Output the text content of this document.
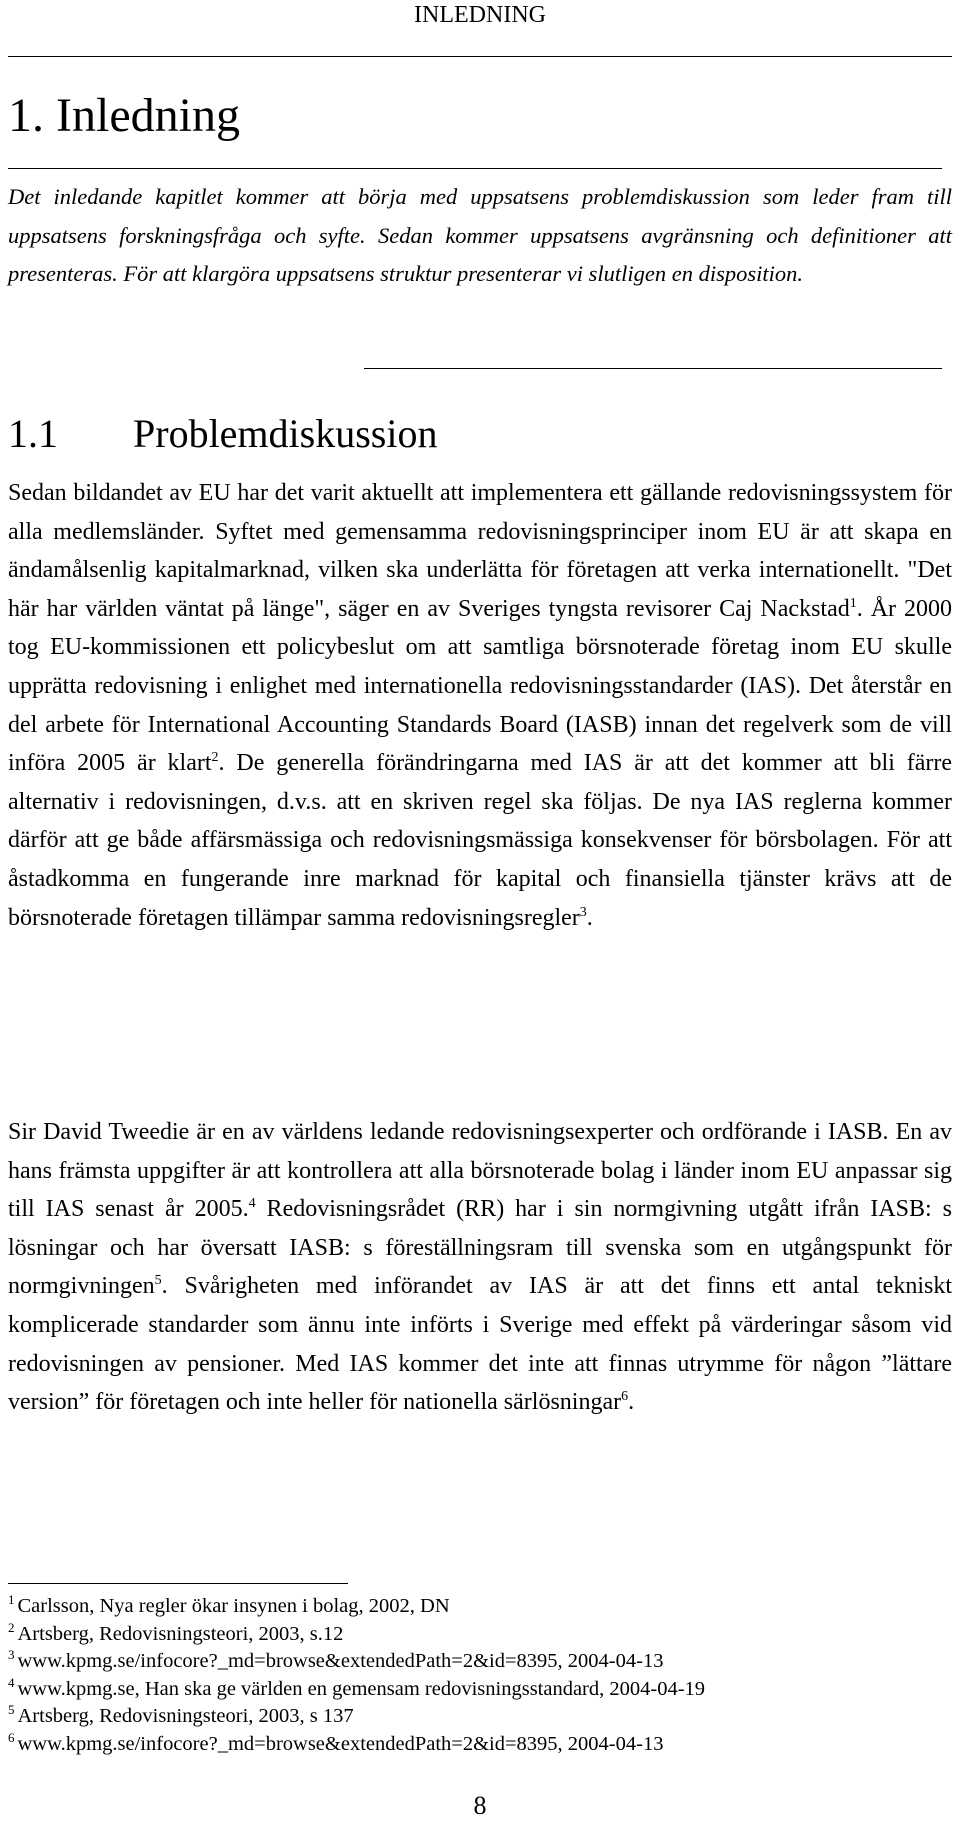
INLEDNING
1. Inledning

Det inledande kapitlet kommer att börja med uppsatsens problemdiskussion som leder fram till uppsatsens forskningsfråga och syfte. Sedan kommer uppsatsens avgränsning och definitioner att presenteras. För att klargöra uppsatsens struktur presenterar vi slutligen en disposition.

1.1 Problemdiskussion

Sedan bildandet av EU har det varit aktuellt att implementera ett gällande redovisningssystem för alla medlemsländer. Syftet med gemensamma redovisningsprinciper inom EU är att skapa en ändamålsenlig kapitalmarknad, vilken ska underlätta för företagen att verka internationellt. "Det här har världen väntat på länge", säger en av Sveriges tyngsta revisorer Caj Nackstad$^1$. År 2000 tog EU-kommissionen ett policybeslut om att samtliga börsnoterade företag inom EU skulle upprätta redovisning i enlighet med internationella redovisningsstandarder (IAS). Det återstår en del arbete för International Accounting Standards Board (IASB) innan det regelverk som de vill införa 2005 är klart$^2$. De generella förändringarna med IAS är att det kommer att bli färre alternativ i redovisningen, d.v.s. att en skriven regel ska följas. De nya IAS reglerna kommer därför att ge både affärsmässiga och redovisningsmässiga konsekvenser för börsbolagen. För att åstadkomma en fungerande inre marknad för kapital och finansiella tjänster krävs att de börsnoterade företagen tillämpar samma redovisningsregler$^3$.

Sir David Tweedie är en av världens ledande redovisningsexperter och ordförande i IASB. En av hans främsta uppgifter är att kontrollera att alla börsnoterade bolag i länder inom EU anpassar sig till IAS senast år 2005.$^4$ Redovisningsrådet (RR) har i sin normgivning utgått ifrån IASB: s lösningar och har översatt IASB: s föreställningsram till svenska som en utgångspunkt för normgivningen$^5$. Svårigheten med införandet av IAS är att det finns ett antal tekniskt komplicerade standarder som ännu inte införts i Sverige med effekt på värderingar såsom vid redovisningen av pensioner. Med IAS kommer det inte att finnas utrymme för någon ”lättare version” för företagen och inte heller för nationella särlösningar$^6$.

$^1$ Carlsson, Nya regler ökar insynen i bolag, 2002, DN
$^2$ Artsberg, Redovisningsteori, 2003, s.12
$^3$ www.kpmg.se/infocore?_md=browse&extendedPath=2&id=8395, 2004-04-13
$^4$ www.kpmg.se, Han ska ge världen en gemensam redovisningsstandard, 2004-04-19
$^5$ Artsberg, Redovisningsteori, 2003, s 137
$^6$ www.kpmg.se/infocore?_md=browse&extendedPath=2&id=8395, 2004-04-13
8
